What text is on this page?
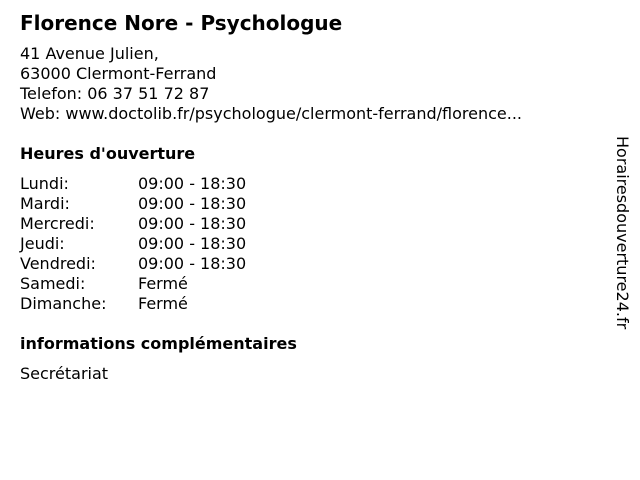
Florence Nore - Psychologue
41 Avenue Julien,
63000 Clermont-Ferrand
Telefon: 06 37 51 72 87
Web: www.doctolib.fr/psychologue/clermont-ferrand/florence...
Heures d'ouverture
Lundi:	09:00 - 18:30
Mardi:	09:00 - 18:30
Mercredi:	09:00 - 18:30
Jeudi:	09:00 - 18:30
Vendredi:	09:00 - 18:30
Samedi:	Fermé
Dimanche:	Fermé
informations complémentaires
Secrétariat
Horairesdouverture24.fr
